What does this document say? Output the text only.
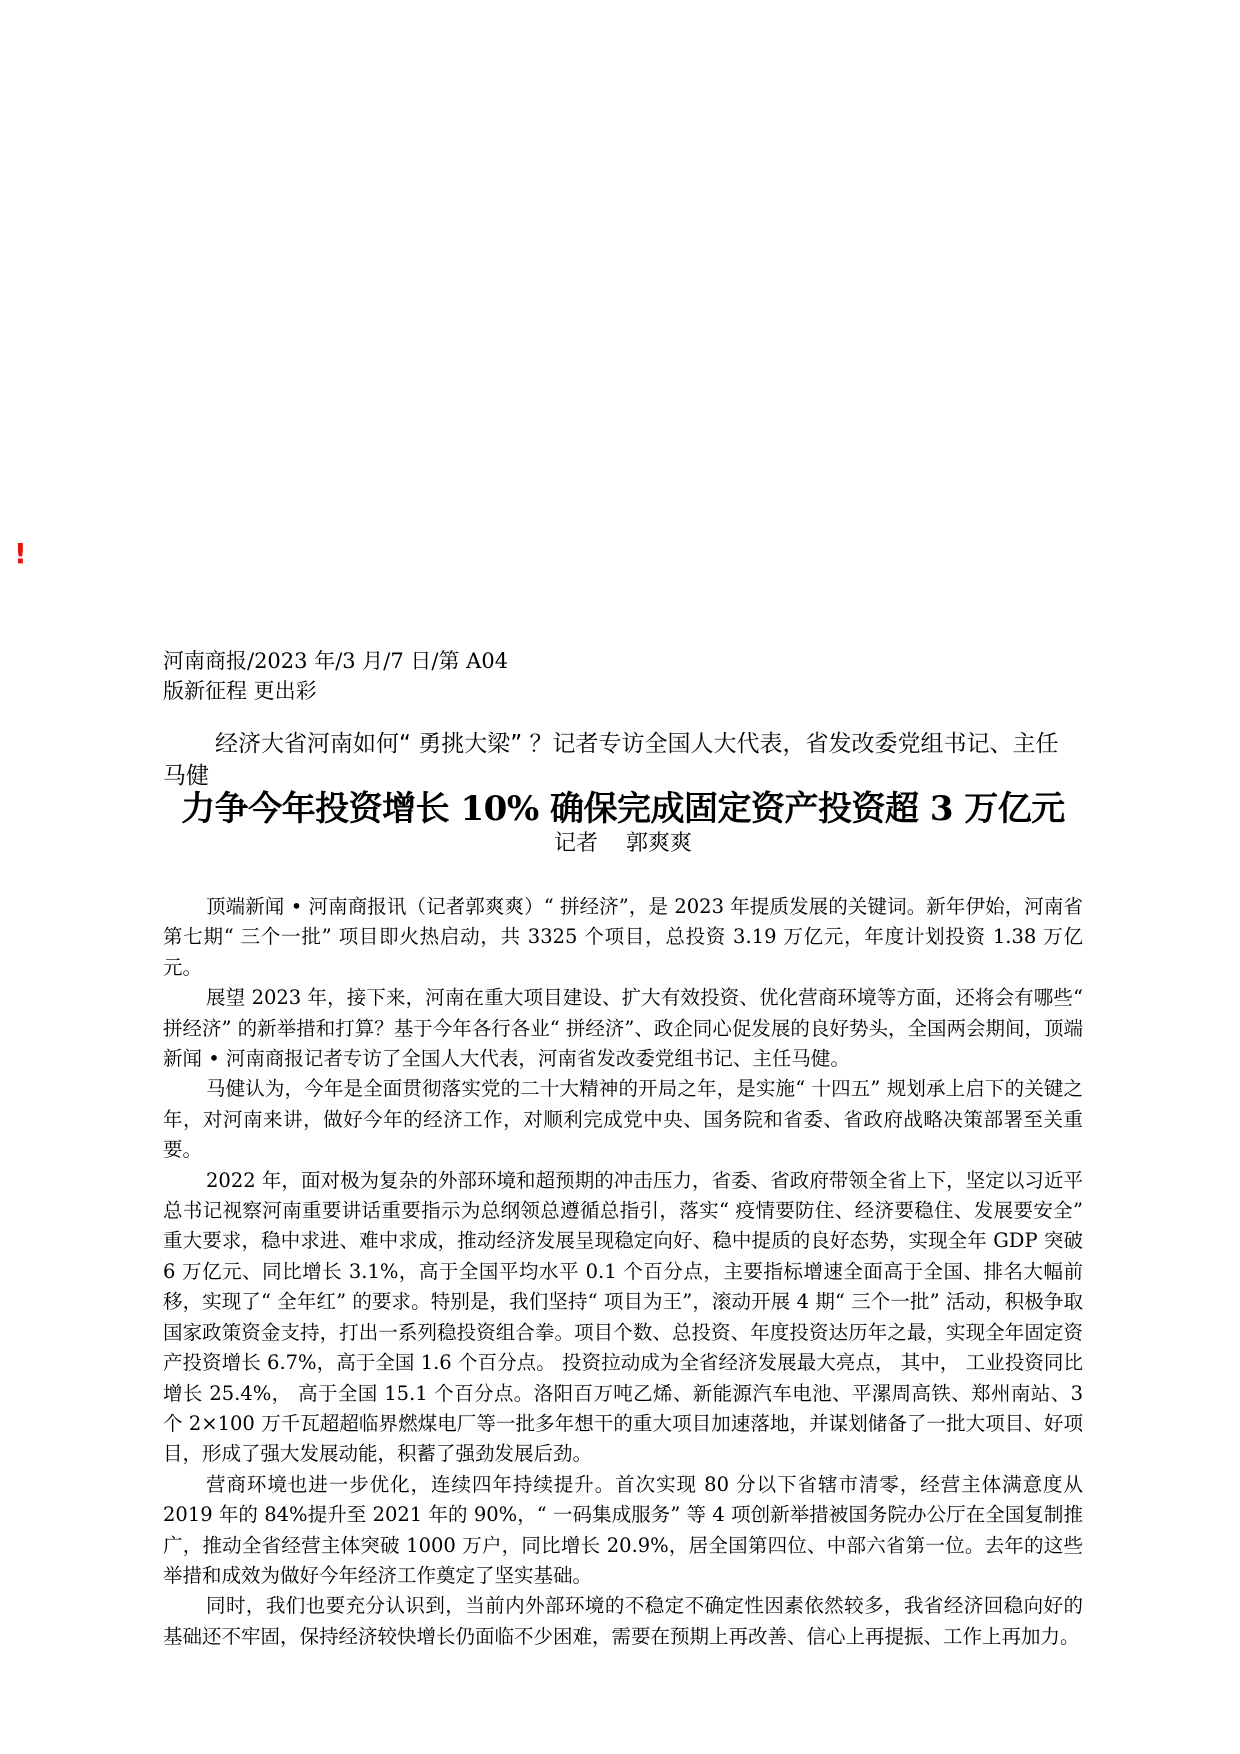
!
河南商报/2023 年/3 月/7 日/第 A04
版新征程 更出彩
经济大省河南如何“ 勇挑大梁” ？记者专访全国人大代表，省发改委党组书记、主任马健
力争今年投资增长 10% 确保完成固定资产投资超 3 万亿元
记者    郭爽爽

顶端新闻 • 河南商报讯（记者郭爽爽）“ 拼经济”，是 2023 年提质发展的关键词。新年伊始，河南省第七期“ 三个一批” 项目即火热启动，共 3325 个项目，总投资 3.19 万亿元，年度计划投资 1.38 万亿元。

展望 2023 年，接下来，河南在重大项目建设、扩大有效投资、优化营商环境等方面，还将会有哪些“ 拼经济” 的新举措和打算？基于今年各行各业“ 拼经济”、政企同心促发展的良好势头，全国两会期间，顶端新闻 • 河南商报记者专访了全国人大代表，河南省发改委党组书记、主任马健。

马健认为，今年是全面贯彻落实党的二十大精神的开局之年，是实施“ 十四五” 规划承上启下的关键之年，对河南来讲，做好今年的经济工作，对顺利完成党中央、国务院和省委、省政府战略决策部署至关重要。

2022 年，面对极为复杂的外部环境和超预期的冲击压力，省委、省政府带领全省上下，坚定以习近平总书记视察河南重要讲话重要指示为总纲领总遵循总指引，落实“ 疫情要防住、经济要稳住、发展要安全” 重大要求，稳中求进、难中求成，推动经济发展呈现稳定向好、稳中提质的良好态势，实现全年 GDP 突破 6 万亿元、同比增长 3.1%，高于全国平均水平 0.1 个百分点，主要指标增速全面高于全国、排名大幅前移，实现了“ 全年红” 的要求。特别是，我们坚持“ 项目为王”，滚动开展 4 期“ 三个一批” 活动，积极争取国家政策资金支持，打出一系列稳投资组合拳。项目个数、总投资、年度投资达历年之最，实现全年固定资产投资增长 6.7%，高于全国 1.6 个百分点。 投资拉动成为全省经济发展最大亮点， 其中， 工业投资同比增长 25.4%， 高于全国 15.1 个百分点。洛阳百万吨乙烯、新能源汽车电池、平漯周高铁、郑州南站、3 个 2×100 万千瓦超超临界燃煤电厂等一批多年想干的重大项目加速落地，并谋划储备了一批大项目、好项目，形成了强大发展动能，积蓄了强劲发展后劲。

营商环境也进一步优化，连续四年持续提升。首次实现 80 分以下省辖市清零，经营主体满意度从 2019 年的 84%提升至 2021 年的 90%，“ 一码集成服务” 等 4 项创新举措被国务院办公厅在全国复制推广，推动全省经营主体突破 1000 万户，同比增长 20.9%，居全国第四位、中部六省第一位。去年的这些举措和成效为做好今年经济工作奠定了坚实基础。

同时，我们也要充分认识到，当前内外部环境的不稳定不确定性因素依然较多，我省经济回稳向好的基础还不牢固，保持经济较快增长仍面临不少困难，需要在预期上再改善、信心上再提振、工作上再加力。
